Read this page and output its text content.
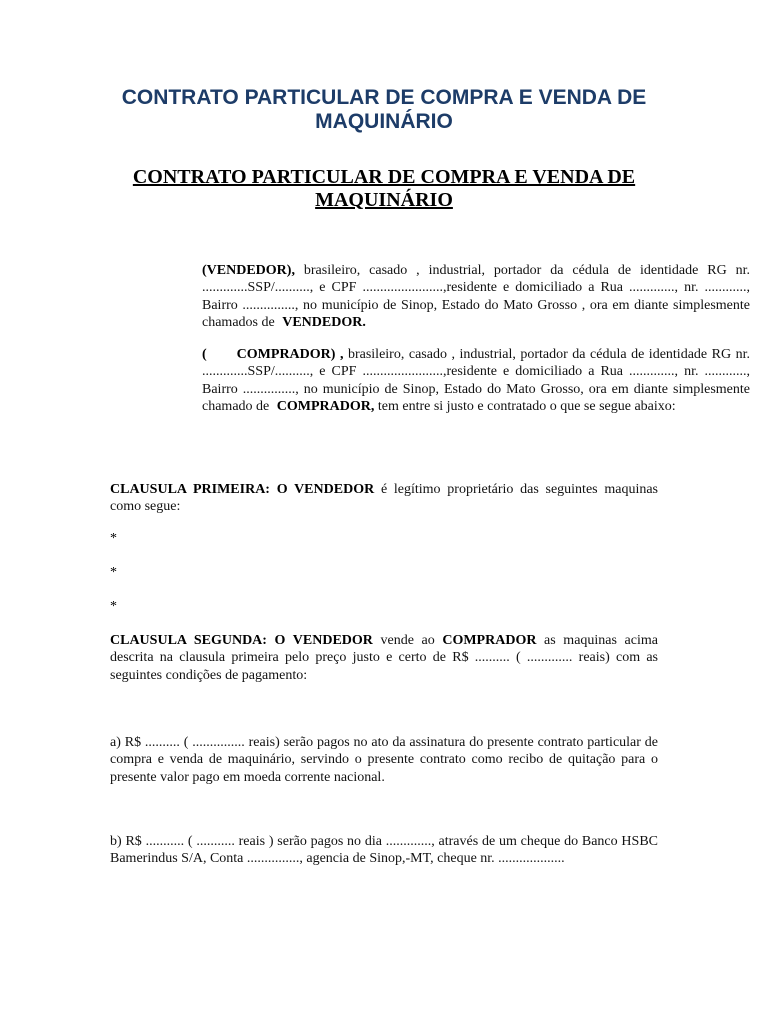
CONTRATO PARTICULAR DE COMPRA E VENDA DE MAQUINÁRIO
CONTRATO PARTICULAR DE COMPRA E VENDA DE MAQUINÁRIO

(VENDEDOR), brasileiro, casado , industrial, portador da cédula de identidade RG nr. .............SSP/.........., e CPF .......................,residente e domiciliado a Rua ............., nr. ............, Bairro ..............., no município de Sinop, Estado do Mato Grosso , ora em diante simplesmente chamados de VENDEDOR.

( COMPRADOR) , brasileiro, casado , industrial, portador da cédula de identidade RG nr. .............SSP/.........., e CPF .......................,residente e domiciliado a Rua ............., nr. ............, Bairro ..............., no município de Sinop, Estado do Mato Grosso, ora em diante simplesmente chamado de COMPRADOR, tem entre si justo e contratado o que se segue abaixo:

CLAUSULA PRIMEIRA: O VENDEDOR é legítimo proprietário das seguintes maquinas como segue:

*

*

*

CLAUSULA SEGUNDA: O VENDEDOR vende ao COMPRADOR as maquinas acima descrita na clausula primeira pelo preço justo e certo de R$ .......... ( ............. reais) com as seguintes condições de pagamento:

a) R$ .......... ( ............... reais) serão pagos no ato da assinatura do presente contrato particular de compra e venda de maquinário, servindo o presente contrato como recibo de quitação para o presente valor pago em moeda corrente nacional.

b) R$ ........... ( ........... reais ) serão pagos no dia ............., através de um cheque do Banco HSBC Bamerindus S/A, Conta ..............., agencia de Sinop,-MT, cheque nr. ...................
